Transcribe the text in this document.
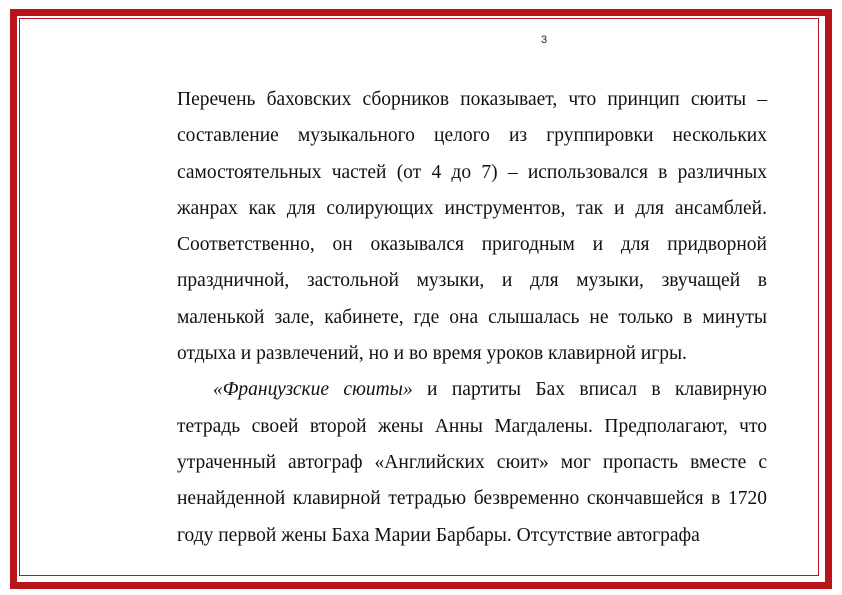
3

Перечень баховских сборников показывает, что принцип сюиты – составление музыкального целого из группировки нескольких самостоятельных частей (от 4 до 7) – использовался в различных жанрах как для солирующих инструментов, так и для ансамблей. Соответственно, он оказывался пригодным и для придворной праздничной, застольной музыки, и для музыки, звучащей в маленькой зале, кабинете, где она слышалась не только в минуты отдыха и развлечений, но и во время уроков клавирной игры.

«Французские сюиты» и партиты Бах вписал в клавирную тетрадь своей второй жены Анны Магдалены. Предполагают, что утраченный автограф «Английских сюит» мог пропасть вместе с ненайденной клавирной тетрадью безвременно скончавшейся в 1720 году первой жены Баха Марии Барбары. Отсутствие автографа
